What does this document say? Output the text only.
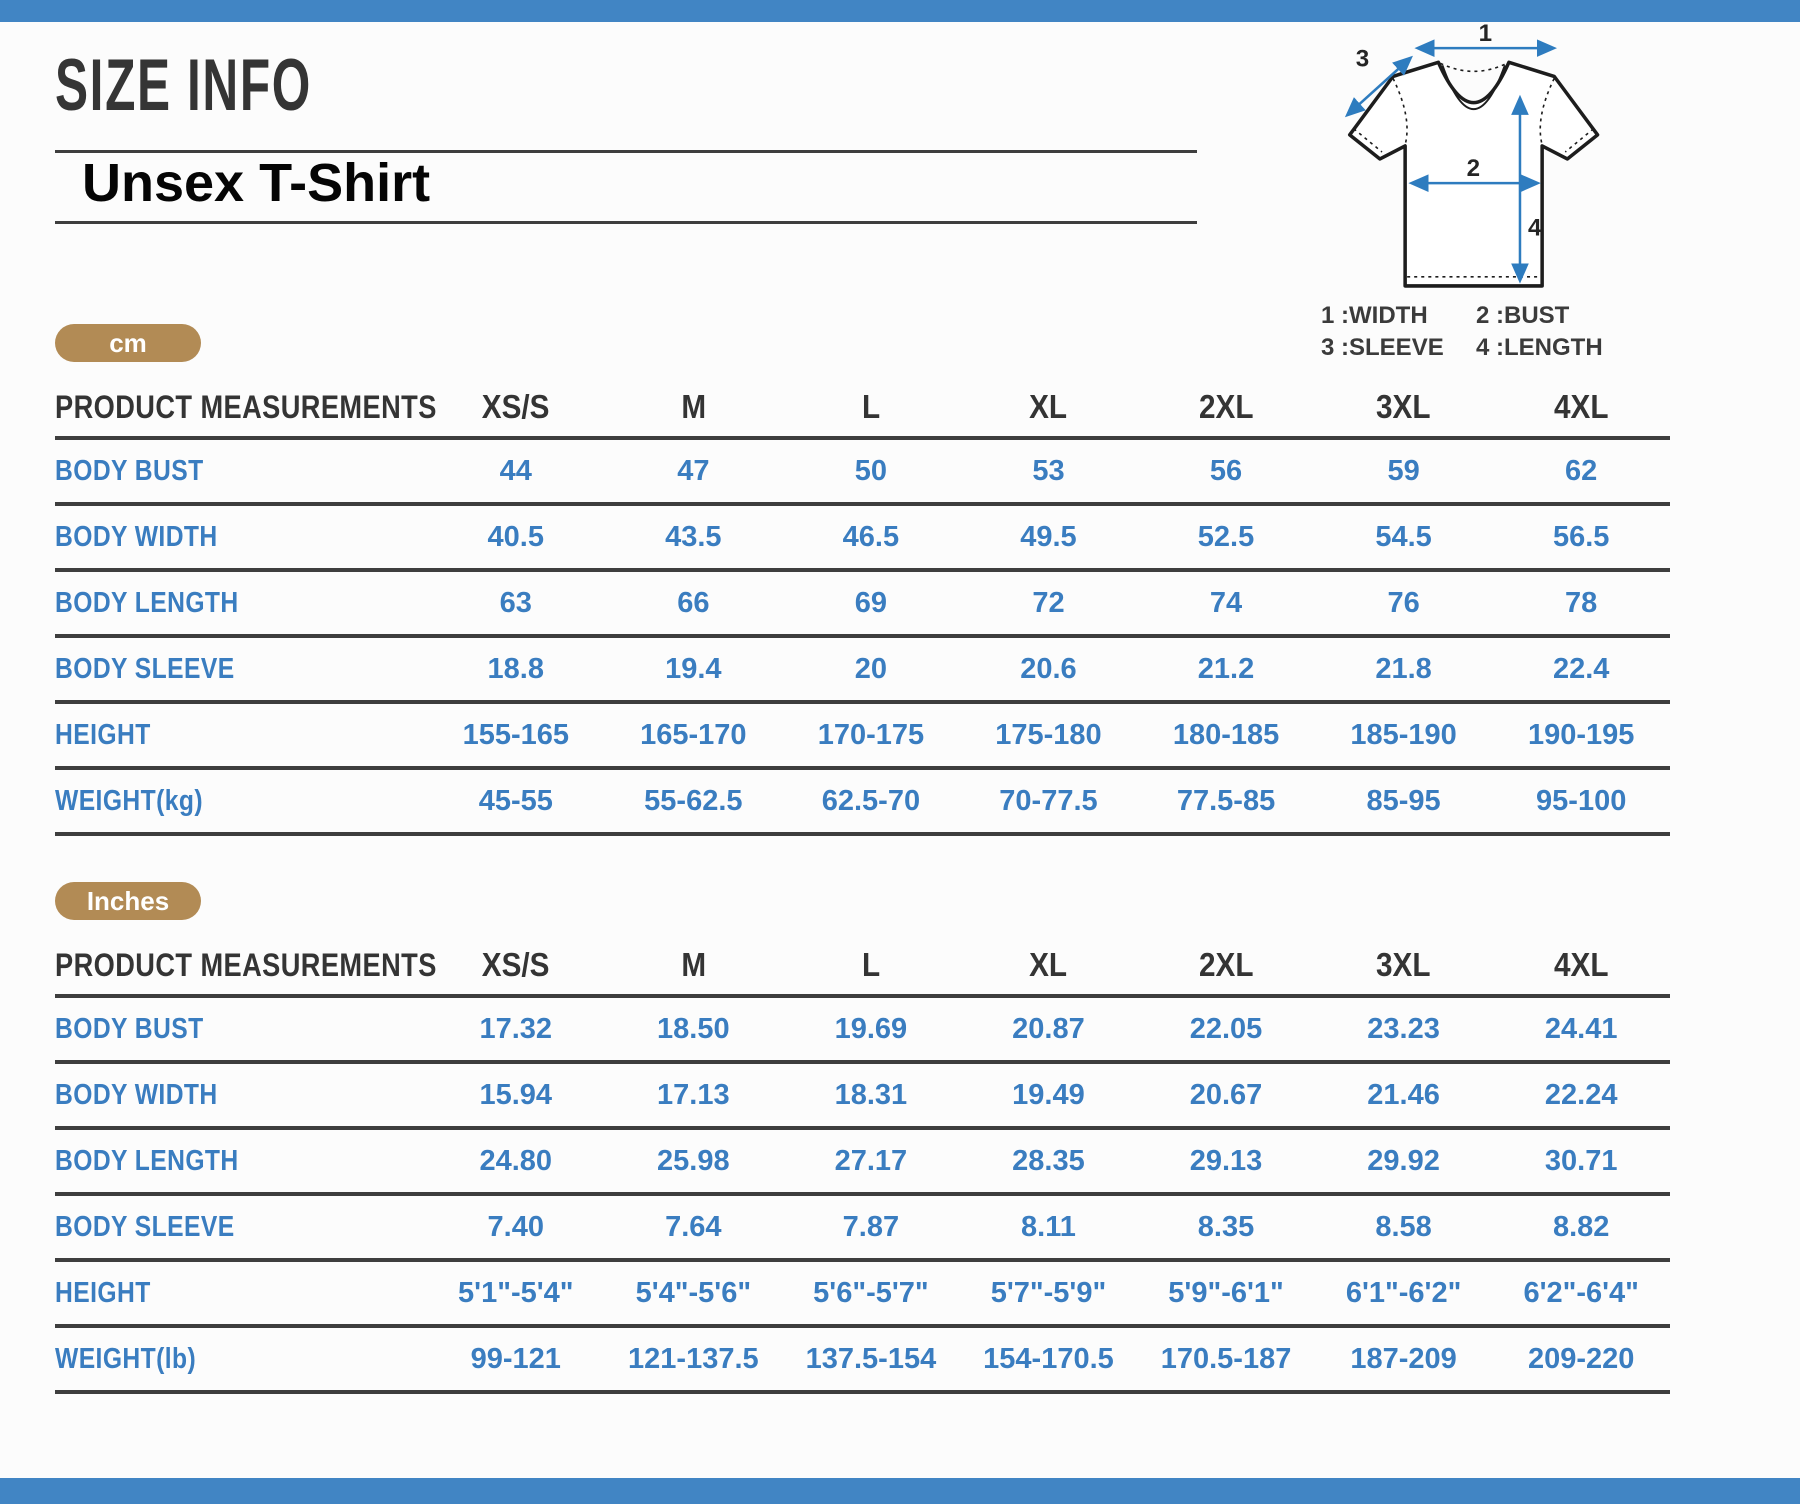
SIZE INFO
Unsex T-Shirt
1
2
3
4
1 :WIDTH	2 :BUST
3 :SLEEVE	4 :LENGTH
cm
PRODUCT MEASUREMENTS	XS/S	M	L	XL	2XL	3XL	4XL
BODY BUST	44	47	50	53	56	59	62
BODY WIDTH	40.5	43.5	46.5	49.5	52.5	54.5	56.5
BODY LENGTH	63	66	69	72	74	76	78
BODY SLEEVE	18.8	19.4	20	20.6	21.2	21.8	22.4
HEIGHT	155-165	165-170	170-175	175-180	180-185	185-190	190-195
WEIGHT(kg)	45-55	55-62.5	62.5-70	70-77.5	77.5-85	85-95	95-100
Inches
PRODUCT MEASUREMENTS	XS/S	M	L	XL	2XL	3XL	4XL
BODY BUST	17.32	18.50	19.69	20.87	22.05	23.23	24.41
BODY WIDTH	15.94	17.13	18.31	19.49	20.67	21.46	22.24
BODY LENGTH	24.80	25.98	27.17	28.35	29.13	29.92	30.71
BODY SLEEVE	7.40	7.64	7.87	8.11	8.35	8.58	8.82
HEIGHT	5'1"-5'4"	5'4"-5'6"	5'6"-5'7"	5'7"-5'9"	5'9"-6'1"	6'1"-6'2"	6'2"-6'4"
WEIGHT(lb)	99-121	121-137.5	137.5-154	154-170.5	170.5-187	187-209	209-220
